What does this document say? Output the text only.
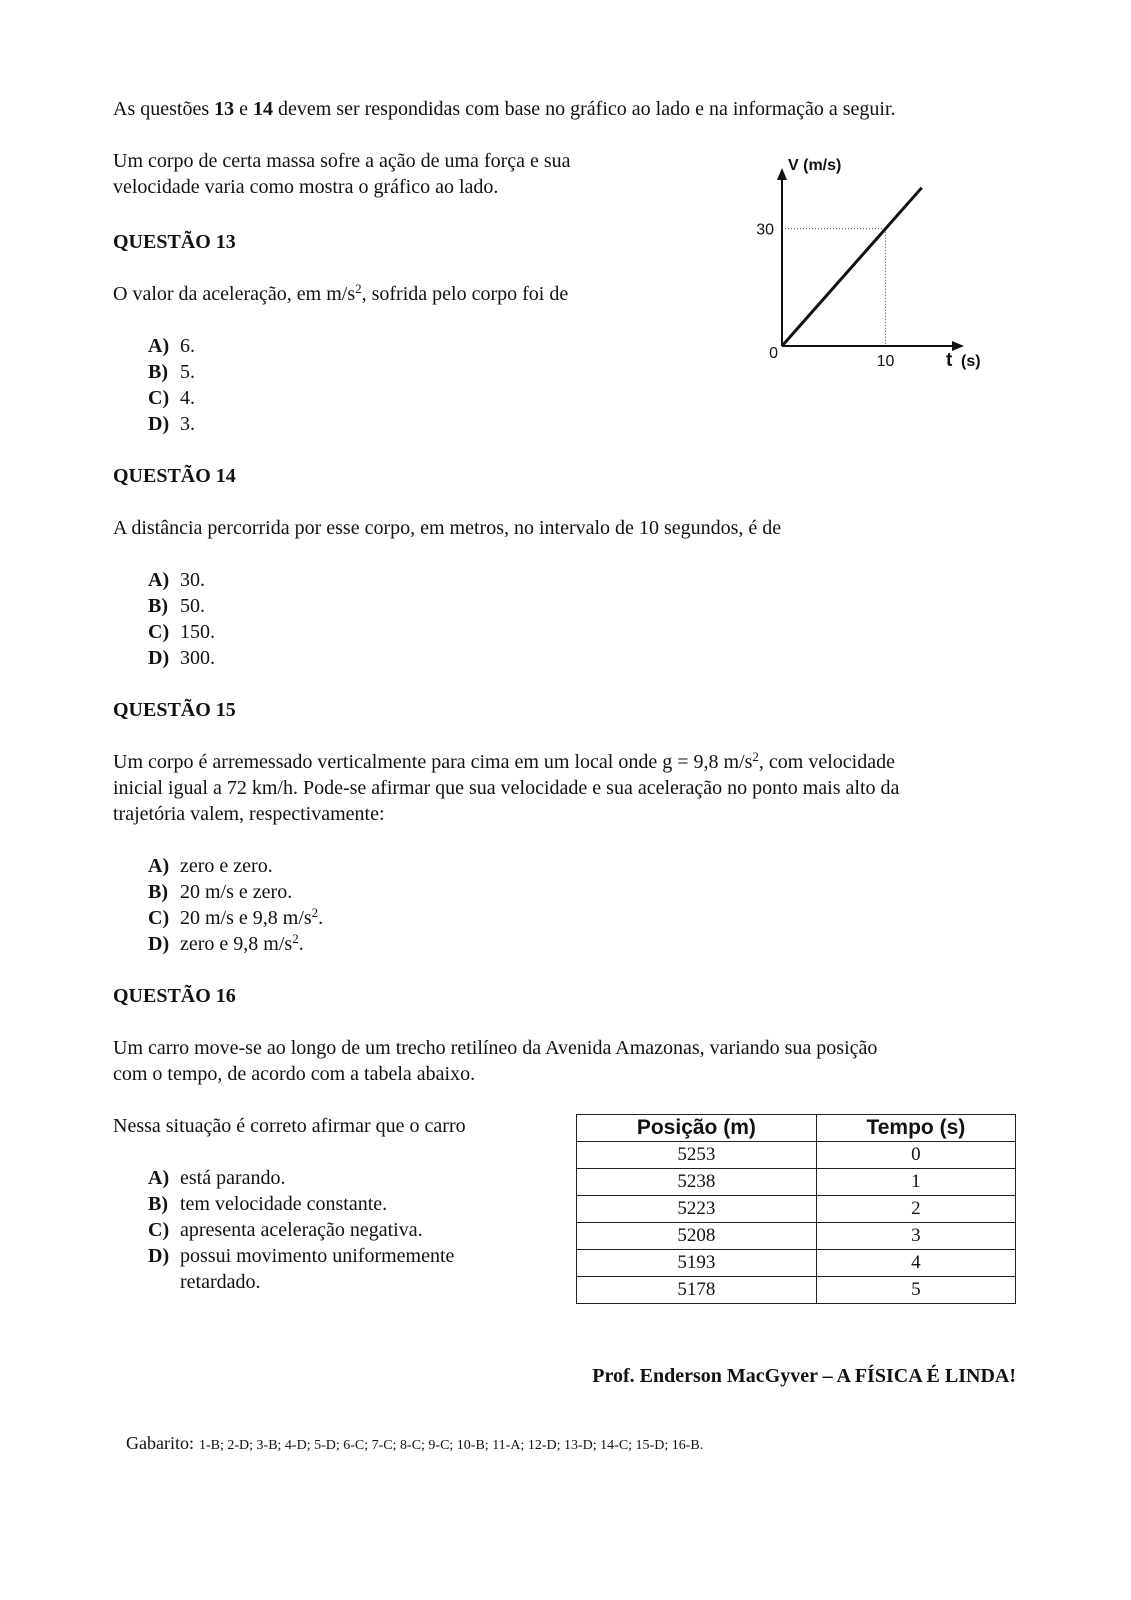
As questões 13 e 14 devem ser respondidas com base no gráfico ao lado e na informação a seguir.
Um corpo de certa massa sofre a ação de uma força e sua
velocidade varia como mostra o gráfico ao lado.
V (m/s)
30
0	10	t (s)
QUESTÃO 13
O valor da aceleração, em $m/s^2$, sofrida pelo corpo foi de
A) 6.
B) 5.
C) 4.
D) 3.
QUESTÃO 14
A distância percorrida por esse corpo, em metros, no intervalo de 10 segundos, é de
A) 30.
B) 50.
C) 150.
D) 300.
QUESTÃO 15
Um corpo é arremessado verticalmente para cima em um local onde g = 9,8 $m/s^2$, com velocidade
inicial igual a 72 km/h. Pode-se afirmar que sua velocidade e sua aceleração no ponto mais alto da
trajetória valem, respectivamente:
A) zero e zero.
B) 20 m/s e zero.
C) 20 m/s e 9,8 $m/s^2$.
D) zero e 9,8 $m/s^2$.
QUESTÃO 16
Um carro move-se ao longo de um trecho retilíneo da Avenida Amazonas, variando sua posição
com o tempo, de acordo com a tabela abaixo.
Nessa situação é correto afirmar que o carro
A) está parando.
B) tem velocidade constante.
C) apresenta aceleração negativa.
D) possui movimento uniformemente
retardado.
Posição (m)	Tempo (s)
5253	0
5238	1
5223	2
5208	3
5193	4
5178	5
Prof. Enderson MacGyver – A FÍSICA É LINDA!
Gabarito: 1-B; 2-D; 3-B; 4-D; 5-D; 6-C; 7-C; 8-C; 9-C; 10-B; 11-A; 12-D; 13-D; 14-C; 15-D; 16-B.
